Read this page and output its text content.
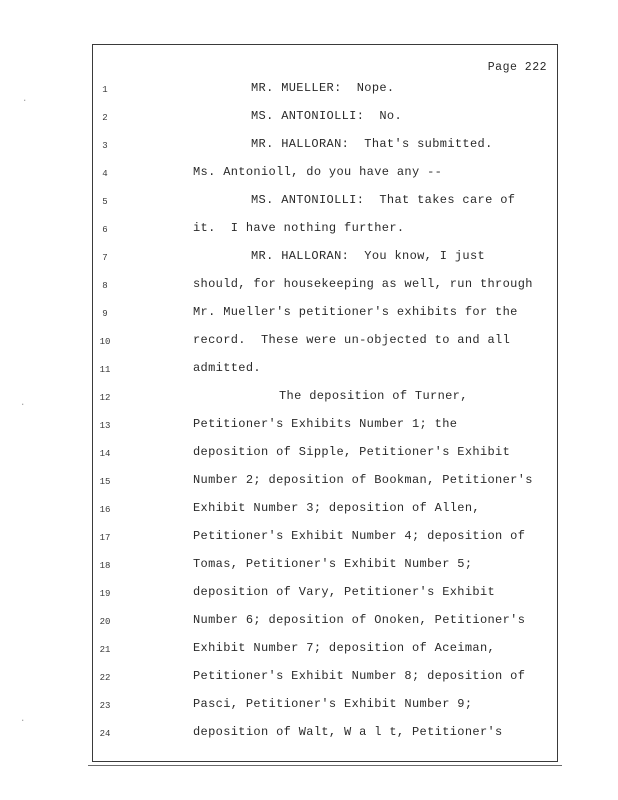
Page 222
1	MR. MUELLER:  Nope.
2	MS. ANTONIOLLI:  No.
3	MR. HALLORAN:  That's submitted.
4	Ms. Antonioll, do you have any --
5	MS. ANTONIOLLI:  That takes care of
6	it.  I have nothing further.
7	MR. HALLORAN:  You know, I just
8	should, for housekeeping as well, run through
9	Mr. Mueller's petitioner's exhibits for the
10	record.  These were un-objected to and all
11	admitted.
12	The deposition of Turner,
13	Petitioner's Exhibits Number 1; the
14	deposition of Sipple, Petitioner's Exhibit
15	Number 2; deposition of Bookman, Petitioner's
16	Exhibit Number 3; deposition of Allen,
17	Petitioner's Exhibit Number 4; deposition of
18	Tomas, Petitioner's Exhibit Number 5;
19	deposition of Vary, Petitioner's Exhibit
20	Number 6; deposition of Onoken, Petitioner's
21	Exhibit Number 7; deposition of Aceiman,
22	Petitioner's Exhibit Number 8; deposition of
23	Pasci, Petitioner's Exhibit Number 9;
24	deposition of Walt, W a l t, Petitioner's
·
·
·
